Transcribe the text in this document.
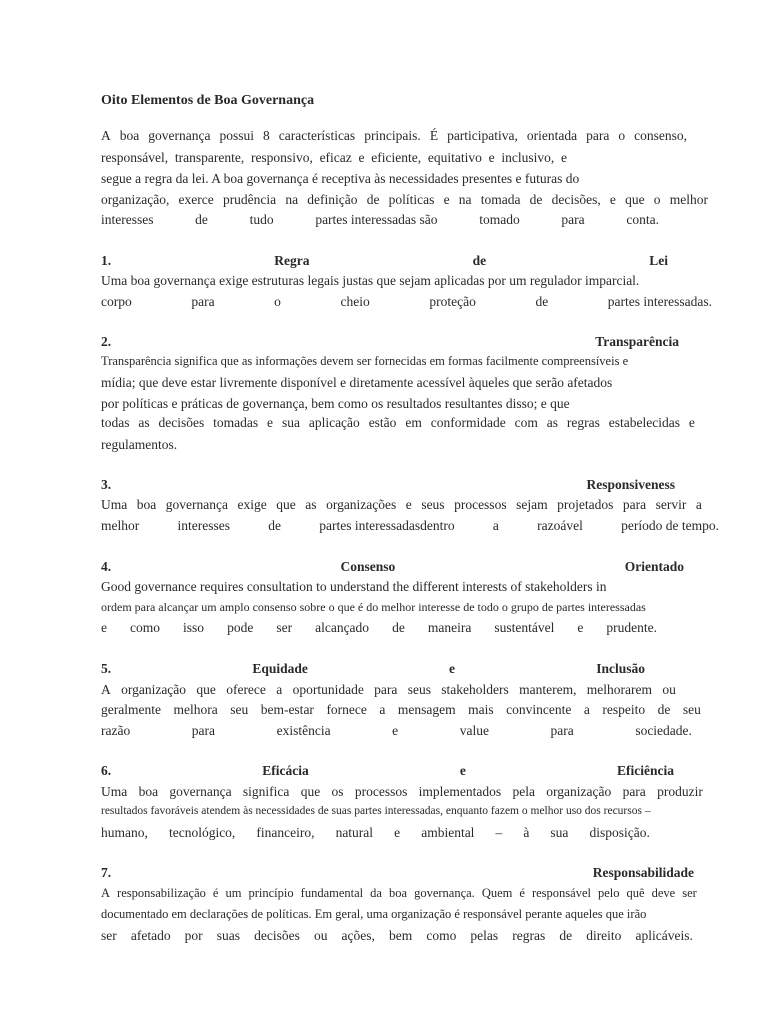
Oito Elementos de Boa Governança
A boa governança possui 8 características principais. É participativa, orientada para o consenso,
responsável,  transparente,  responsivo,  eficaz  e  eficiente,  equitativo  e  inclusivo,  e
segue a regra da lei. A boa governança é receptiva às necessidades presentes e futuras do
organização, exerce prudência na definição de políticas e na tomada de decisões, e que o melhor
interesses	de	tudo	partes interessadas são	tomado	para	conta.
1.	Regra	de	Lei
Uma boa governança exige estruturas legais justas que sejam aplicadas por um regulador imparcial.
corpo	para	o	cheio	proteção	de	partes interessadas.
2.	Transparência
Transparência significa que as informações devem ser fornecidas em formas facilmente compreensíveis e
mídia; que deve estar livremente disponível e diretamente acessível àqueles que serão afetados
por políticas e práticas de governança, bem como os resultados resultantes disso; e que
todas as decisões tomadas e sua aplicação estão em conformidade com as regras estabelecidas e
regulamentos.
3.	Responsiveness
Uma boa governança exige que as organizações e seus processos sejam projetados para servir a
melhor	interesses	de	partes interessadasdentro	a	razoável	período de tempo.
4.	Consenso	Orientado
Good governance requires consultation to understand the different interests of stakeholders in
ordem para alcançar um amplo consenso sobre o que é do melhor interesse de todo o grupo de partes interessadas
e como isso pode ser alcançado de maneira sustentável e prudente.
5.	Equidade	e	Inclusão
A organização que oferece a oportunidade para seus stakeholders manterem, melhorarem ou
geralmente melhora seu bem-estar fornece a mensagem mais convincente a respeito de seu
razão	para	existência	e	value	para	sociedade.
6.	Eficácia	e	Eficiência
Uma boa governança significa que os processos implementados pela organização para produzir
resultados favoráveis atendem às necessidades de suas partes interessadas, enquanto fazem o melhor uso dos recursos –
humano, tecnológico, financeiro, natural e ambiental – à sua disposição.
7.	Responsabilidade
A responsabilização é um princípio fundamental da boa governança. Quem é responsável pelo quê deve ser
documentado em declarações de políticas. Em geral, uma organização é responsável perante aqueles que irão
ser afetado por suas decisões ou ações, bem como pelas regras de direito aplicáveis.
